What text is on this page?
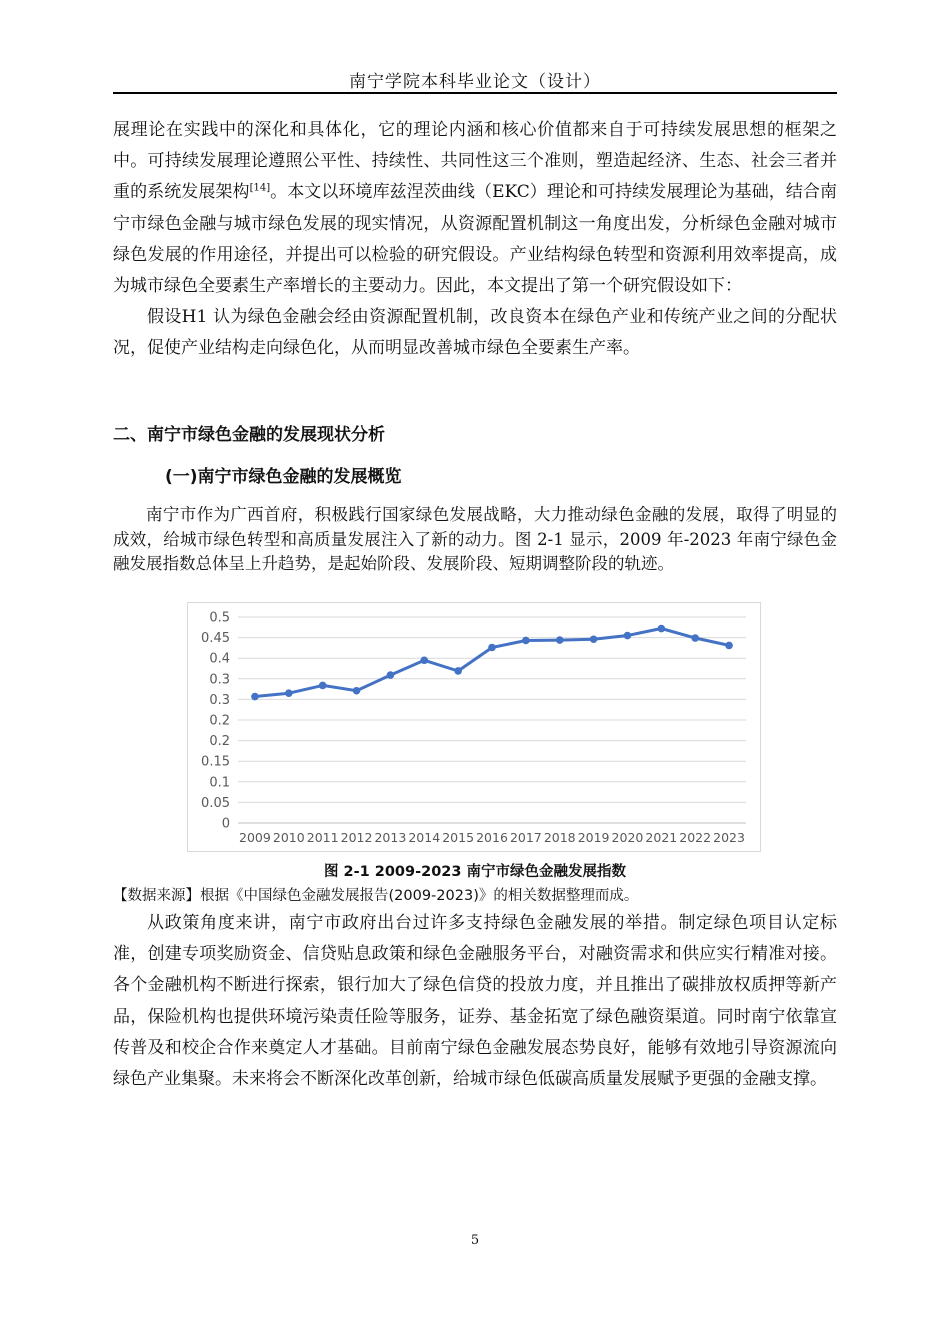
南宁学院本科毕业论文（设计）

展理论在实践中的深化和具体化，它的理论内涵和核心价值都来自于可持续发展思想的框架之中。可持续发展理论遵照公平性、持续性、共同性这三个准则，塑造起经济、生态、社会三者并重的系统发展架构[14]。本文以环境库兹涅茨曲线（EKC）理论和可持续发展理论为基础，结合南宁市绿色金融与城市绿色发展的现实情况，从资源配置机制这一角度出发，分析绿色金融对城市绿色发展的作用途径，并提出可以检验的研究假设。产业结构绿色转型和资源利用效率提高，成为城市绿色全要素生产率增长的主要动力。因此，本文提出了第一个研究假设如下：

假设H1 认为绿色金融会经由资源配置机制，改良资本在绿色产业和传统产业之间的分配状况，促使产业结构走向绿色化，从而明显改善城市绿色全要素生产率。

二、南宁市绿色金融的发展现状分析
(一)南宁市绿色金融的发展概览

南宁市作为广西首府，积极践行国家绿色发展战略，大力推动绿色金融的发展，取得了明显的成效，给城市绿色转型和高质量发展注入了新的动力。图 2-1 显示，2009 年-2023 年南宁绿色金融发展指数总体呈上升趋势，是起始阶段、发展阶段、短期调整阶段的轨迹。

0
0.05
0.1
0.15
0.2
0.2
0.3
0.3
0.4
0.45
0.5
2009 2010 2011 2012 2013 2014 2015 2016 2017 2018 2019 2020 2021 2022 2023
图 2-1 2009-2023 南宁市绿色金融发展指数
【数据来源】根据《中国绿色金融发展报告(2009-2023)》的相关数据整理而成。

从政策角度来讲，南宁市政府出台过许多支持绿色金融发展的举措。制定绿色项目认定标准，创建专项奖励资金、信贷贴息政策和绿色金融服务平台，对融资需求和供应实行精准对接。各个金融机构不断进行探索，银行加大了绿色信贷的投放力度，并且推出了碳排放权质押等新产品，保险机构也提供环境污染责任险等服务，证券、基金拓宽了绿色融资渠道。同时南宁依靠宣传普及和校企合作来奠定人才基础。目前南宁绿色金融发展态势良好，能够有效地引导资源流向绿色产业集聚。未来将会不断深化改革创新，给城市绿色低碳高质量发展赋予更强的金融支撑。

5
